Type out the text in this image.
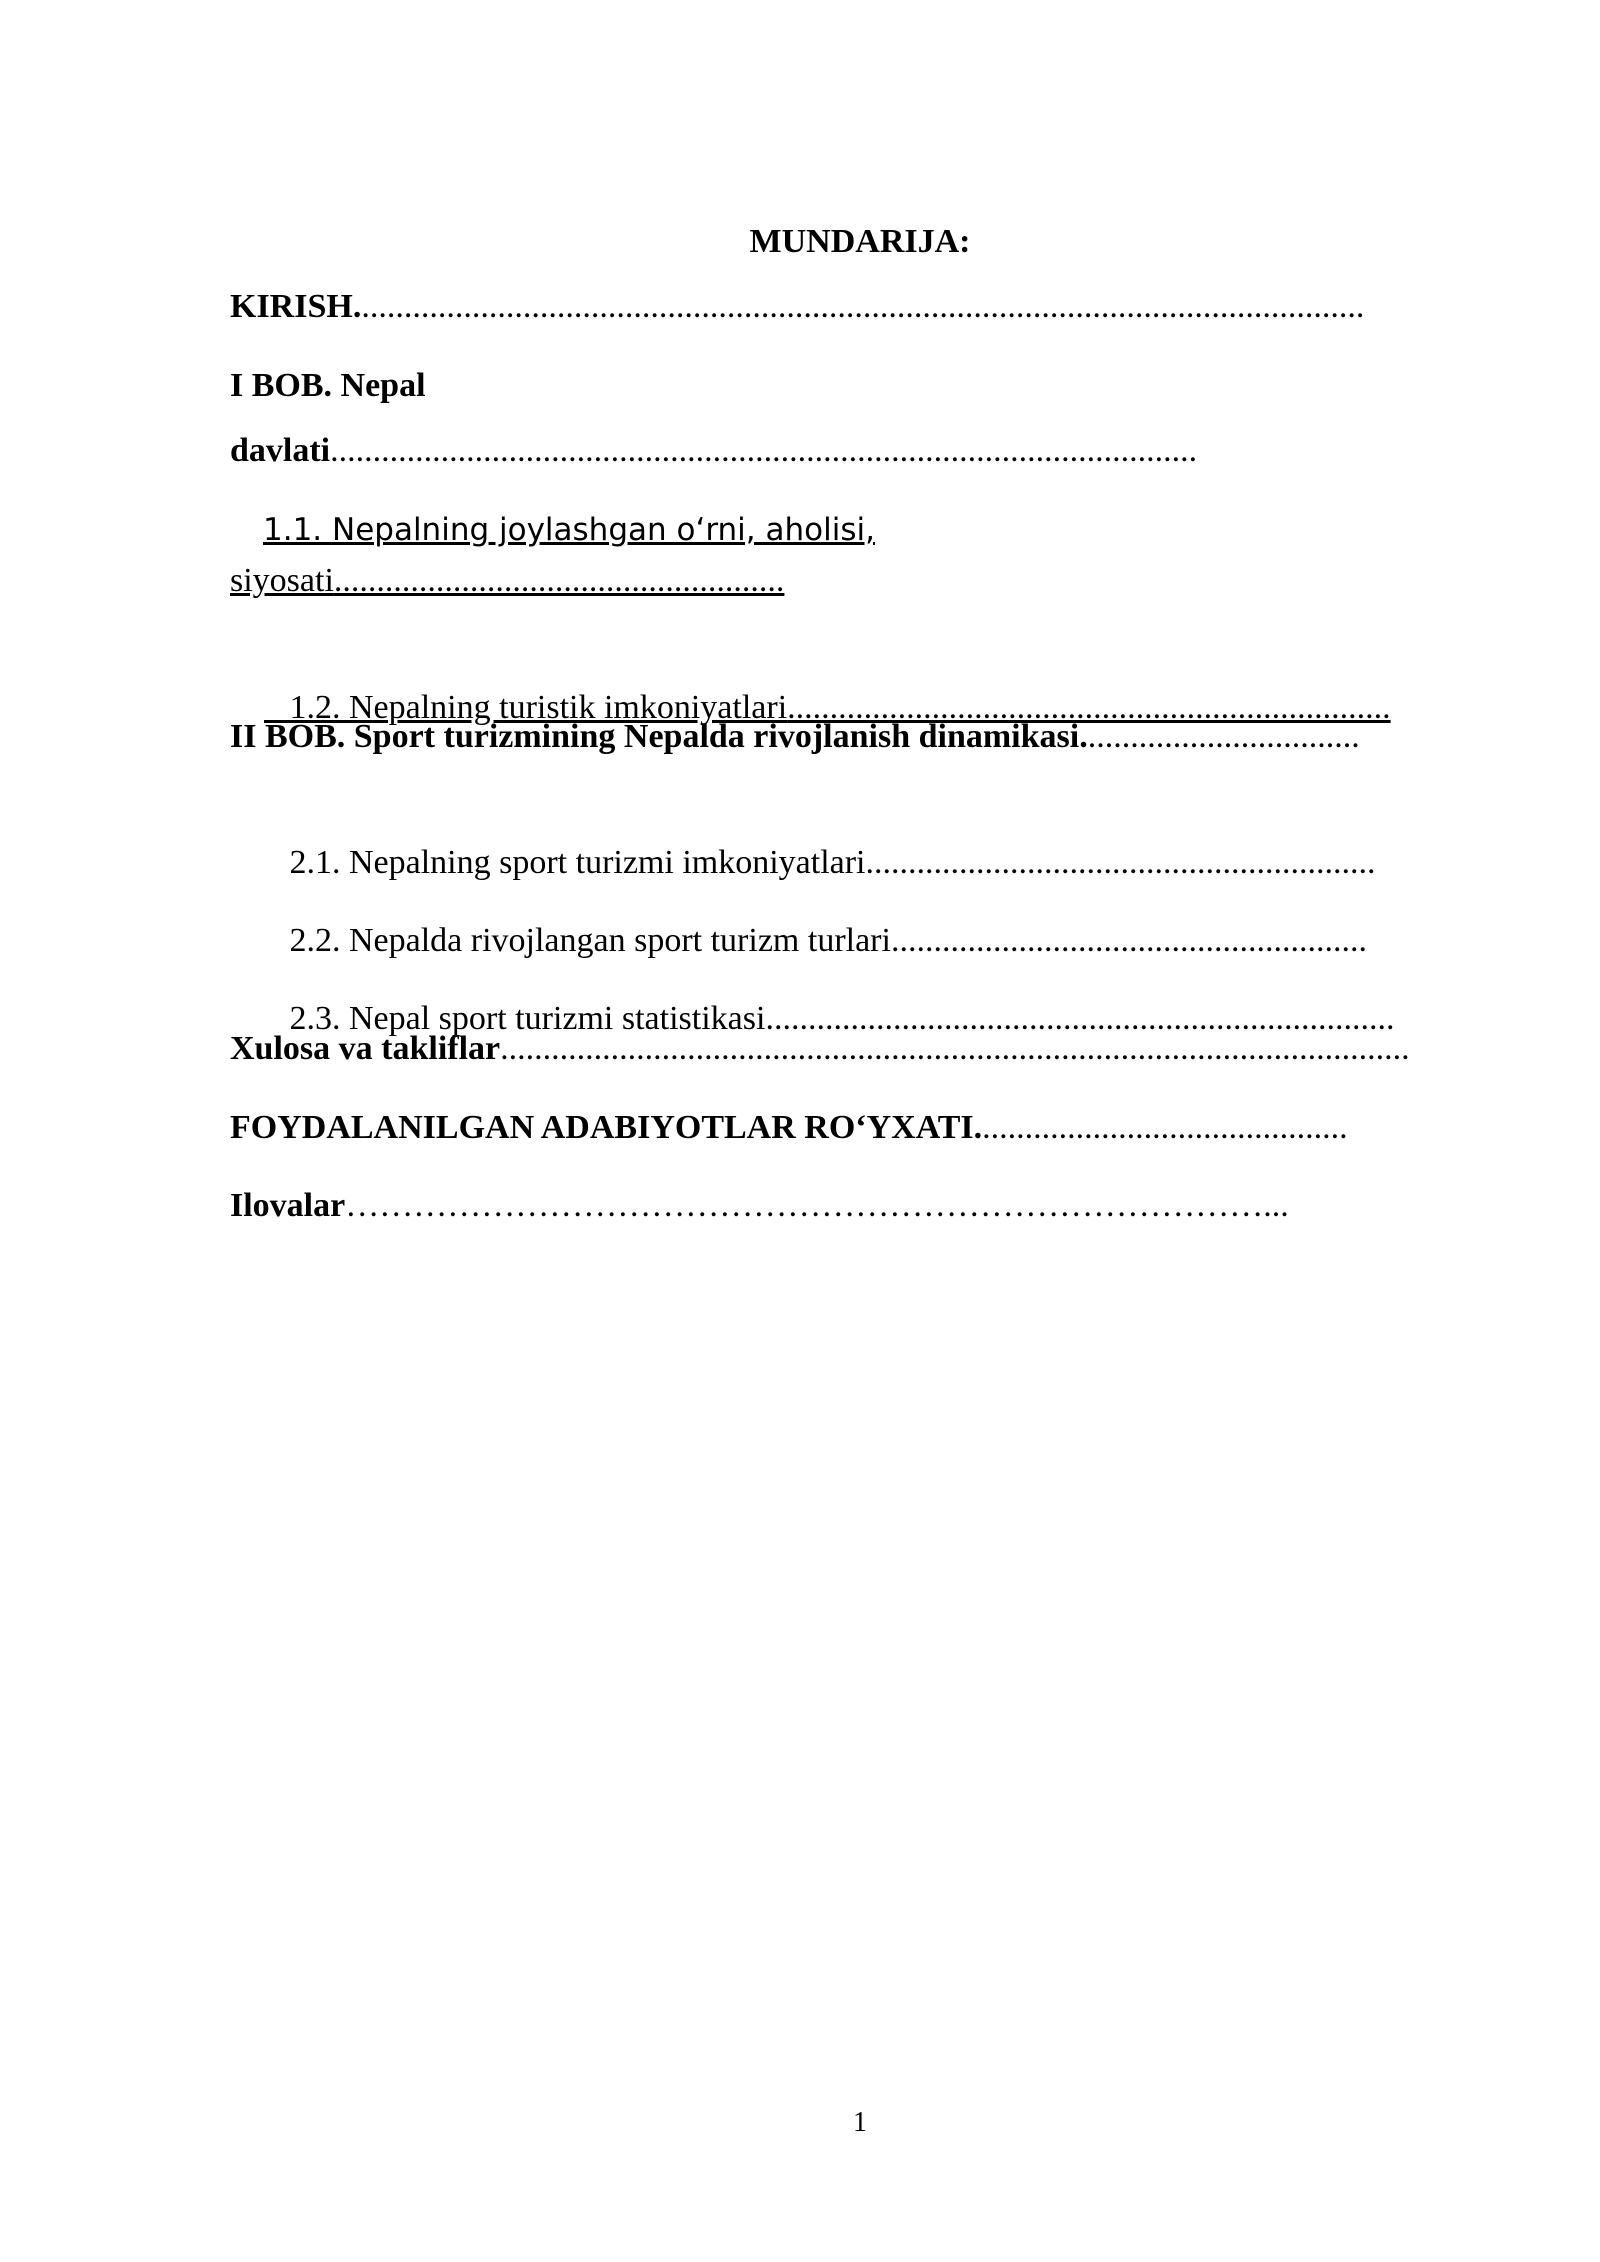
MUNDARIJA:
KIRISH.......................................................................................................................
I BOB. Nepal
davlati......................................................................................................
1.1. Nepalning joylashgan o‘rni, aholisi,
siyosati.....................................................

1.2. Nepalning turistik imkoniyatlari.......................................................................

II BOB. Sport turizmining Nepalda rivojlanish dinamikasi.................................

2.1. Nepalning sport turizmi imkoniyatlari............................................................

2.2. Nepalda rivojlangan sport turizm turlari........................................................

2.3. Nepal sport turizmi statistikasi..........................................................................

Xulosa va takliflar...........................................................................................................
FOYDALANILGAN ADABIYOTLAR RO‘YXATI............................................
Ilovalar………………………………………………………………………...
1
